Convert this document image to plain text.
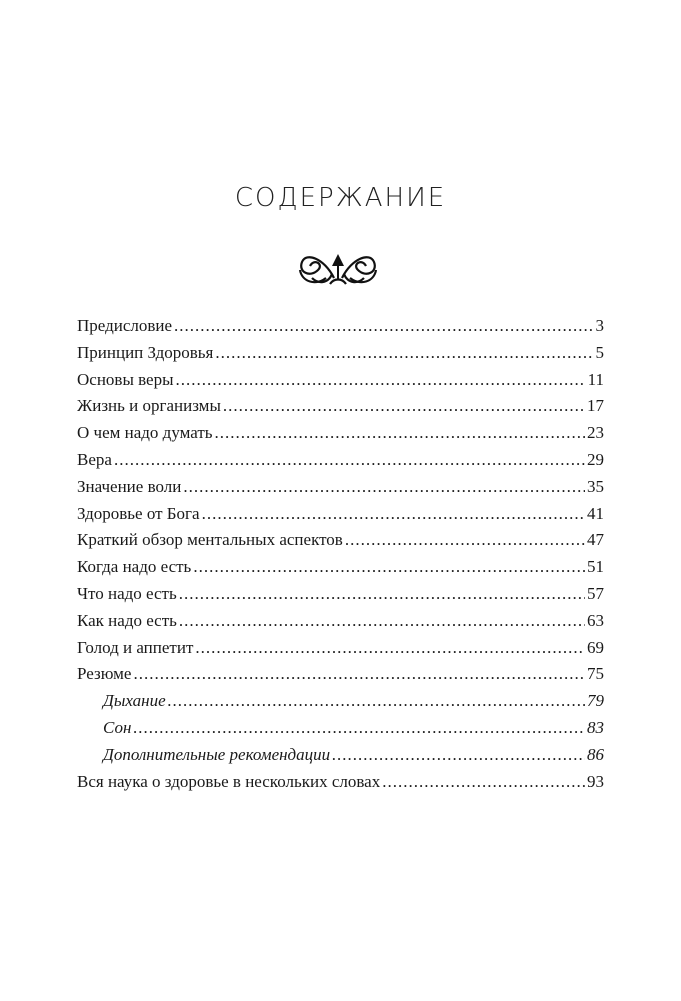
СОДЕРЖАНИЕ
Предисловие .....	3
Принцип Здоровья .....	5
Основы веры .....	11
Жизнь и организмы .....	17
О чем надо думать .....	23
Вера .....	29
Значение воли .....	35
Здоровье от Бога .....	41
Краткий обзор ментальных аспектов .....	47
Когда надо есть .....	51
Что надо есть .....	57
Как надо есть .....	63
Голод и аппетит .....	69
Резюме .....	75
Дыхание .....	79
Сон .....	83
Дополнительные рекомендации .....	86
Вся наука о здоровье в нескольких словах .....	93
